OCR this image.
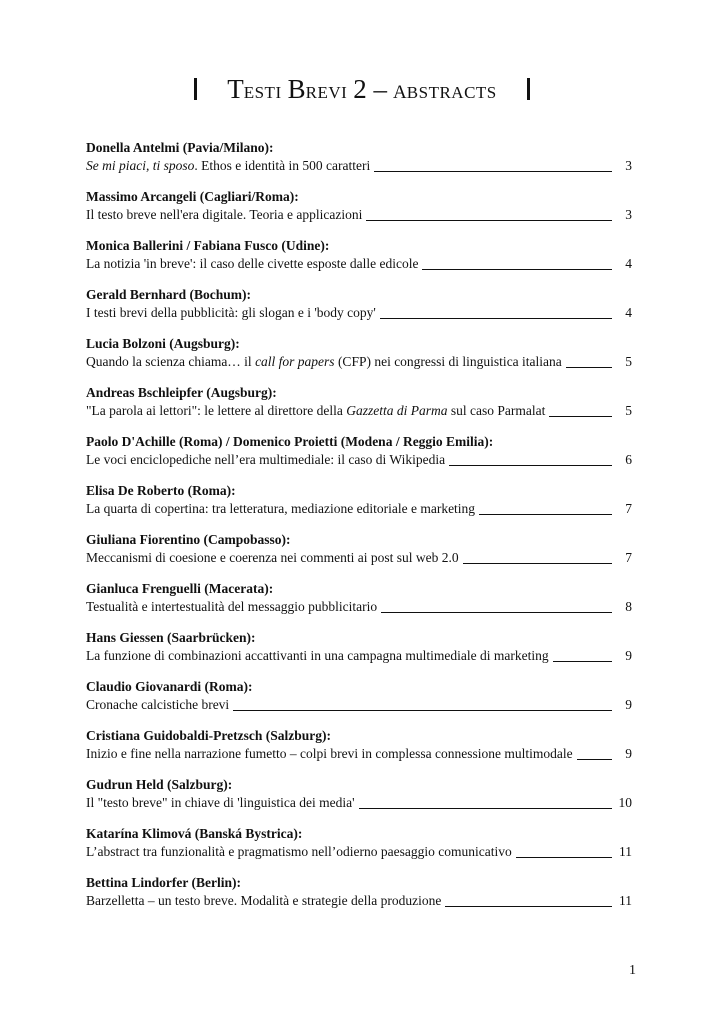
T ESTI B REVI 2 – A BSTRACTS
Donella Antelmi (Pavia/Milano):
Se mi piaci, ti sposo. Ethos e identità in 500 caratteri	3
Massimo Arcangeli (Cagliari/Roma):
Il testo breve nell'era digitale. Teoria e applicazioni	3
Monica Ballerini / Fabiana Fusco (Udine):
La notizia 'in breve': il caso delle civette esposte dalle edicole	4
Gerald Bernhard (Bochum):
I testi brevi della pubblicità: gli slogan e i 'body copy'	4
Lucia Bolzoni (Augsburg):
Quando la scienza chiama… il call for papers (CFP) nei congressi di linguistica italiana	5
Andreas Bschleipfer (Augsburg):
"La parola ai lettori": le lettere al direttore della Gazzetta di Parma sul caso Parmalat	5
Paolo D'Achille (Roma) / Domenico Proietti (Modena / Reggio Emilia):
Le voci enciclopediche nell’era multimediale: il caso di Wikipedia	6
Elisa De Roberto (Roma):
La quarta di copertina: tra letteratura, mediazione editoriale e marketing	7
Giuliana Fiorentino (Campobasso):
Meccanismi di coesione e coerenza nei commenti ai post sul web 2.0	7
Gianluca Frenguelli (Macerata):
Testualità e intertestualità del messaggio pubblicitario	8
Hans Giessen (Saarbrücken):
La funzione di combinazioni accattivanti in una campagna multimediale di marketing	9
Claudio Giovanardi (Roma):
Cronache calcistiche brevi	9
Cristiana Guidobaldi-Pretzsch (Salzburg):
Inizio e fine nella narrazione fumetto – colpi brevi in complessa connessione multimodale	9
Gudrun Held (Salzburg):
Il "testo breve" in chiave di 'linguistica dei media'	10
Katarína Klimová (Banská Bystrica):
L’abstract tra funzionalità e pragmatismo nell’odierno paesaggio comunicativo	11
Bettina Lindorfer (Berlin):
Barzelletta – un testo breve. Modalità e strategie della produzione	11
1
